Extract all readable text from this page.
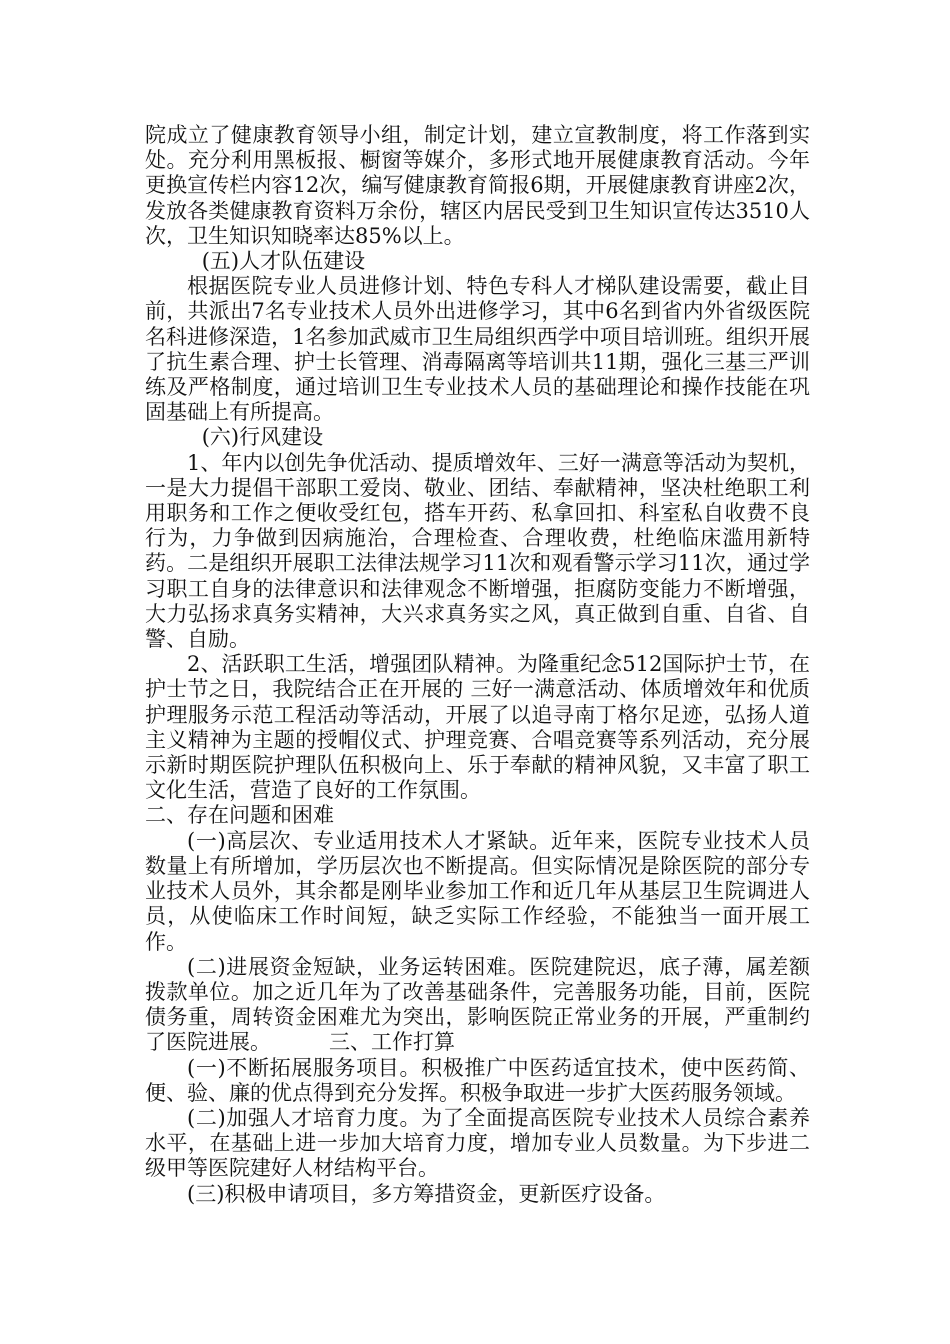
院成立了健康教育领导小组，制定计划，建立宣教制度，将工作落到实处。充分利用黑板报、橱窗等媒介，多形式地开展健康教育活动。今年更换宣传栏内容12次，编写健康教育简报6期，开展健康教育讲座2次，发放各类健康教育资料万余份，辖区内居民受到卫生知识宣传达3510人次，卫生知识知晓率达85%以上。

(五)人才队伍建设

根据医院专业人员进修计划、特色专科人才梯队建设需要，截止目前，共派出7名专业技术人员外出进修学习，其中6名到省内外省级医院名科进修深造，1名参加武威市卫生局组织西学中项目培训班。组织开展了抗生素合理、护士长管理、消毒隔离等培训共11期，强化三基三严训练及严格制度，通过培训卫生专业技术人员的基础理论和操作技能在巩固基础上有所提高。

(六)行风建设

1、年内以创先争优活动、提质增效年、三好一满意等活动为契机，一是大力提倡干部职工爱岗、敬业、团结、奉献精神，坚决杜绝职工利用职务和工作之便收受红包，搭车开药、私拿回扣、科室私自收费不良行为，力争做到因病施治，合理检查、合理收费，杜绝临床滥用新特药。二是组织开展职工法律法规学习11次和观看警示学习11次，通过学习职工自身的法律意识和法律观念不断增强，拒腐防变能力不断增强，大力弘扬求真务实精神，大兴求真务实之风，真正做到自重、自省、自警、自励。

2、活跃职工生活，增强团队精神。为隆重纪念512国际护士节，在护士节之日，我院结合正在开展的 三好一满意活动、体质增效年和优质护理服务示范工程活动等活动，开展了以追寻南丁格尔足迹，弘扬人道主义精神为主题的授帽仪式、护理竞赛、合唱竞赛等系列活动，充分展示新时期医院护理队伍积极向上、乐于奉献的精神风貌，又丰富了职工文化生活，营造了良好的工作氛围。

二、存在问题和困难

(一)高层次、专业适用技术人才紧缺。近年来，医院专业技术人员数量上有所增加，学历层次也不断提高。但实际情况是除医院的部分专业技术人员外，其余都是刚毕业参加工作和近几年从基层卫生院调进人员，从使临床工作时间短，缺乏实际工作经验，不能独当一面开展工作。

(二)进展资金短缺，业务运转困难。医院建院迟，底子薄，属差额拨款单位。加之近几年为了改善基础条件，完善服务功能，目前，医院债务重，周转资金困难尤为突出，影响医院正常业务的开展，严重制约了医院进展。	三、工作打算

(一)不断拓展服务项目。积极推广中医药适宜技术，使中医药简、便、验、廉的优点得到充分发挥。积极争取进一步扩大医药服务领域。

(二)加强人才培育力度。为了全面提高医院专业技术人员综合素养水平，在基础上进一步加大培育力度，增加专业人员数量。为下步进二级甲等医院建好人材结构平台。

(三)积极申请项目，多方筹措资金，更新医疗设备。
